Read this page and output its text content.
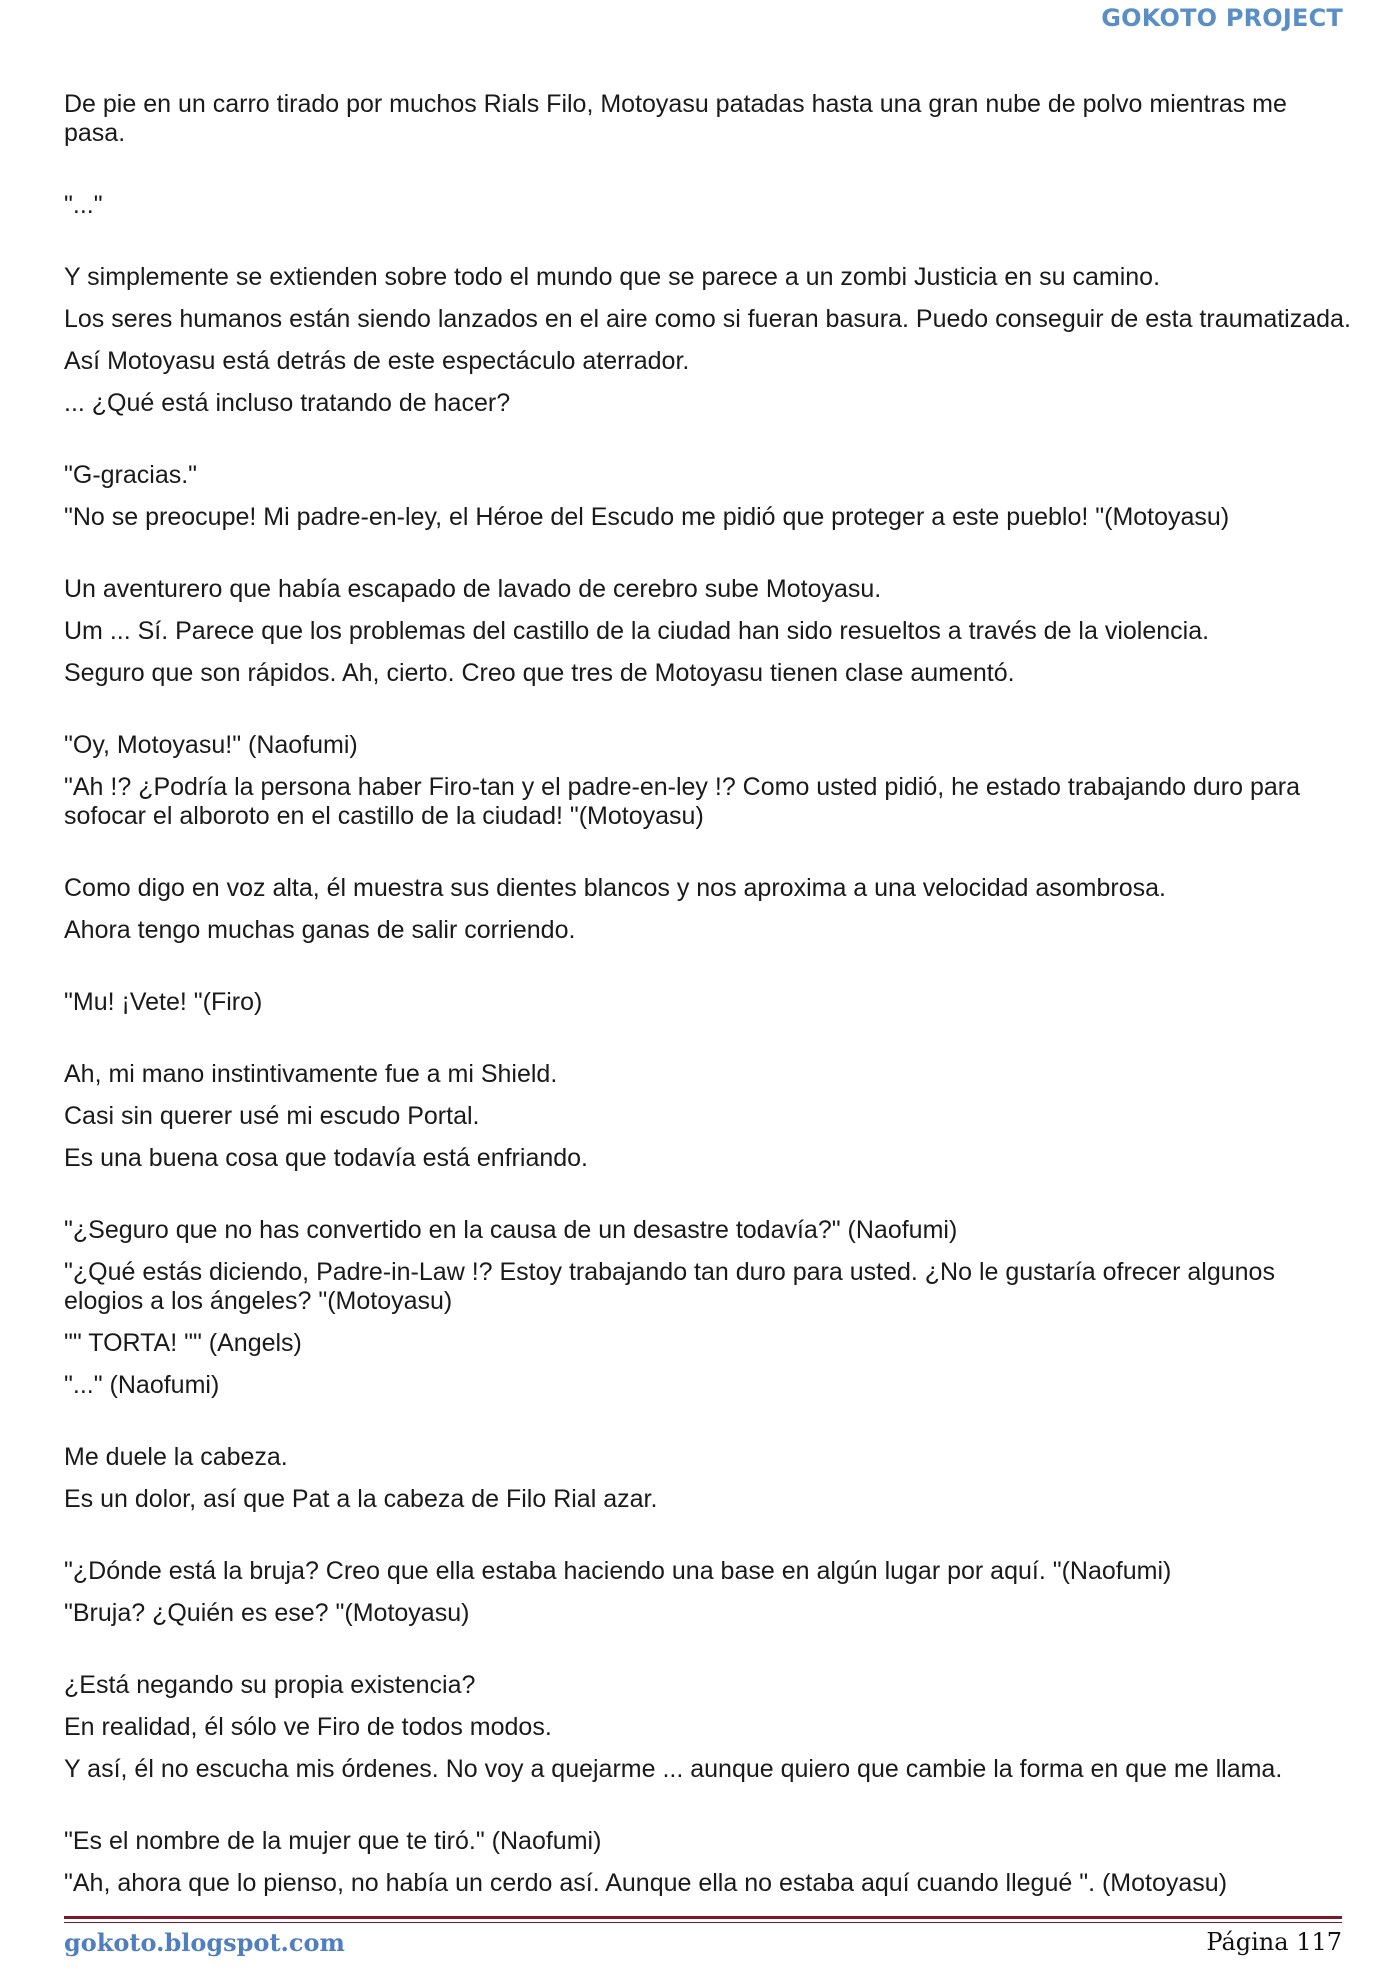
GOKOTO PROJECT

De pie en un carro tirado por muchos Rials Filo, Motoyasu patadas hasta una gran nube de polvo mientras me pasa.

"..."

Y simplemente se extienden sobre todo el mundo que se parece a un zombi Justicia en su camino.

Los seres humanos están siendo lanzados en el aire como si fueran basura. Puedo conseguir de esta traumatizada.

Así Motoyasu está detrás de este espectáculo aterrador.

... ¿Qué está incluso tratando de hacer?

"G-gracias."

"No se preocupe! Mi padre-en-ley, el Héroe del Escudo me pidió que proteger a este pueblo! "(Motoyasu)

Un aventurero que había escapado de lavado de cerebro sube Motoyasu.

Um ... Sí. Parece que los problemas del castillo de la ciudad han sido resueltos a través de la violencia.

Seguro que son rápidos. Ah, cierto. Creo que tres de Motoyasu tienen clase aumentó.

"Oy, Motoyasu!" (Naofumi)

"Ah !? ¿Podría la persona haber Firo-tan y el padre-en-ley !? Como usted pidió, he estado trabajando duro para sofocar el alboroto en el castillo de la ciudad! "(Motoyasu)

Como digo en voz alta, él muestra sus dientes blancos y nos aproxima a una velocidad asombrosa.

Ahora tengo muchas ganas de salir corriendo.

"Mu! ¡Vete! "(Firo)

Ah, mi mano instintivamente fue a mi Shield.

Casi sin querer usé mi escudo Portal.

Es una buena cosa que todavía está enfriando.

"¿Seguro que no has convertido en la causa de un desastre todavía?" (Naofumi)

"¿Qué estás diciendo, Padre-in-Law !? Estoy trabajando tan duro para usted. ¿No le gustaría ofrecer algunos elogios a los ángeles? "(Motoyasu)

"" TORTA! "" (Angels)

"..." (Naofumi)

Me duele la cabeza.

Es un dolor, así que Pat a la cabeza de Filo Rial azar.

"¿Dónde está la bruja? Creo que ella estaba haciendo una base en algún lugar por aquí. "(Naofumi)

"Bruja? ¿Quién es ese? "(Motoyasu)

¿Está negando su propia existencia?

En realidad, él sólo ve Firo de todos modos.

Y así, él no escucha mis órdenes. No voy a quejarme ... aunque quiero que cambie la forma en que me llama.

"Es el nombre de la mujer que te tiró." (Naofumi)

"Ah, ahora que lo pienso, no había un cerdo así. Aunque ella no estaba aquí cuando llegué ". (Motoyasu)

gokoto.blogspot.com	Página 117
